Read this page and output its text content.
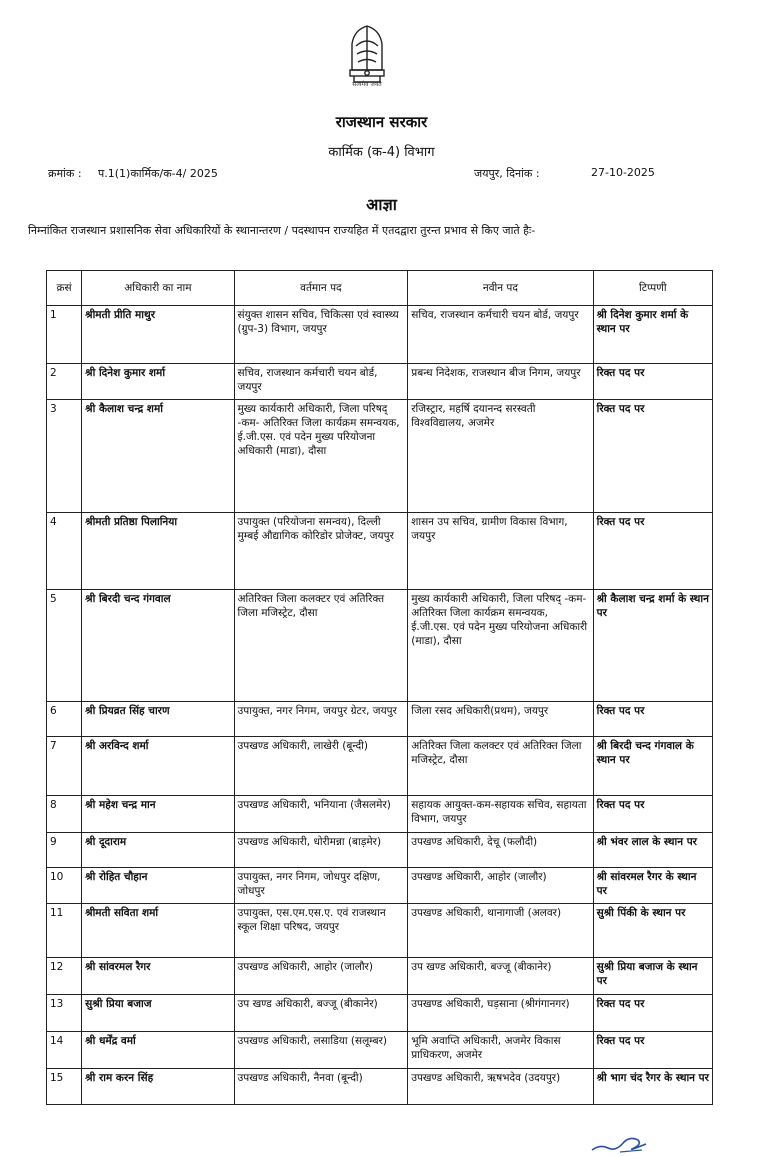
सत्यमेव जयते
राजस्थान सरकार
कार्मिक (क-4) विभाग
क्रमांक : प.1(1)कार्मिक/क-4/ 2025	जयपुर, दिनांक :	27-10-2025
आज्ञा
निम्नांकित राजस्थान प्रशासनिक सेवा अधिकारियों के स्थानान्तरण / पदस्थापन राज्यहित में एतदद्वारा तुरन्त प्रभाव से किए जाते हैः-
क्रसं	अधिकारी का नाम	वर्तमान पद	नवीन पद	टिप्पणी
1	श्रीमती प्रीति माथुर	संयुक्त शासन सचिव, चिकित्सा एवं स्वास्थ्य (ग्रुप-3) विभाग, जयपुर	सचिव, राजस्थान कर्मचारी चयन बोर्ड, जयपुर	श्री दिनेश कुमार शर्मा के स्थान पर
2	श्री दिनेश कुमार शर्मा	सचिव, राजस्थान कर्मचारी चयन बोर्ड, जयपुर	प्रबन्ध निदेशक, राजस्थान बीज निगम, जयपुर	रिक्त पद पर
3	श्री कैलाश चन्द्र शर्मा	मुख्य कार्यकारी अधिकारी, जिला परिषद् -कम- अतिरिक्त जिला कार्यक्रम समन्वयक, ई.जी.एस. एवं पदेन मुख्य परियोजना अधिकारी (माडा), दौसा	रजिस्ट्रार, महर्षि दयानन्द सरस्वती विश्वविद्यालय, अजमेर	रिक्त पद पर
4	श्रीमती प्रतिष्ठा पिलानिया	उपायुक्त (परियोजना समन्वय), दिल्ली मुम्बई औद्यागिक कोरिडोर प्रोजेक्ट, जयपुर	शासन उप सचिव, ग्रामीण विकास विभाग, जयपुर	रिक्त पद पर
5	श्री बिरदी चन्द गंगवाल	अतिरिक्त जिला कलक्टर एवं अतिरिक्त जिला मजिस्ट्रेट, दौसा	मुख्य कार्यकारी अधिकारी, जिला परिषद् -कम- अतिरिक्त जिला कार्यक्रम समन्वयक, ई.जी.एस. एवं पदेन मुख्य परियोजना अधिकारी (माडा), दौसा	श्री कैलाश चन्द्र शर्मा के स्थान पर
6	श्री प्रियव्रत सिंह चारण	उपायुक्त, नगर निगम, जयपुर ग्रेटर, जयपुर	जिला रसद अधिकारी(प्रथम), जयपुर	रिक्त पद पर
7	श्री अरविन्द शर्मा	उपखण्ड अधिकारी, लाखेरी (बून्दी)	अतिरिक्त जिला कलक्टर एवं अतिरिक्त जिला मजिस्ट्रेट, दौसा	श्री बिरदी चन्द गंगवाल के स्थान पर
8	श्री महेश चन्द्र मान	उपखण्ड अधिकारी, भनियाना (जैसलमेर)	सहायक आयुक्त-कम-सहायक सचिव, सहायता विभाग, जयपुर	रिक्त पद पर
9	श्री दूदाराम	उपखण्ड अधिकारी, धोरीमन्ना (बाड़मेर)	उपखण्ड अधिकारी, देचू (फलौदी)	श्री भंवर लाल के स्थान पर
10	श्री रोहित चौहान	उपायुक्त, नगर निगम, जोधपुर दक्षिण, जोधपुर	उपखण्ड अधिकारी, आहोर (जालौर)	श्री सांवरमल रैगर के स्थान पर
11	श्रीमती सविता शर्मा	उपायुक्त, एस.एम.एस.ए. एवं राजस्थान स्कूल शिक्षा परिषद, जयपुर	उपखण्ड अधिकारी, थानागाजी (अलवर)	सुश्री पिंकी के स्थान पर
12	श्री सांवरमल रैगर	उपखण्ड अधिकारी, आहोर (जालौर)	उप खण्ड अधिकारी, बज्जू (बीकानेर)	सुश्री प्रिया बजाज के स्थान पर
13	सुश्री प्रिया बजाज	उप खण्ड अधिकारी, बज्जू (बीकानेर)	उपखण्ड अधिकारी, घड़साना (श्रीगंगानगर)	रिक्त पद पर
14	श्री धर्मेंद्र वर्मा	उपखण्ड अधिकारी, लसाडिया (सलूम्बर)	भूमि अवाप्ति अधिकारी, अजमेर विकास प्राधिकरण, अजमेर	रिक्त पद पर
15	श्री राम करन सिंह	उपखण्ड अधिकारी, नैनवा (बून्दी)	उपखण्ड अधिकारी, ऋषभदेव (उदयपुर)	श्री भाग चंद रैगर के स्थान पर
